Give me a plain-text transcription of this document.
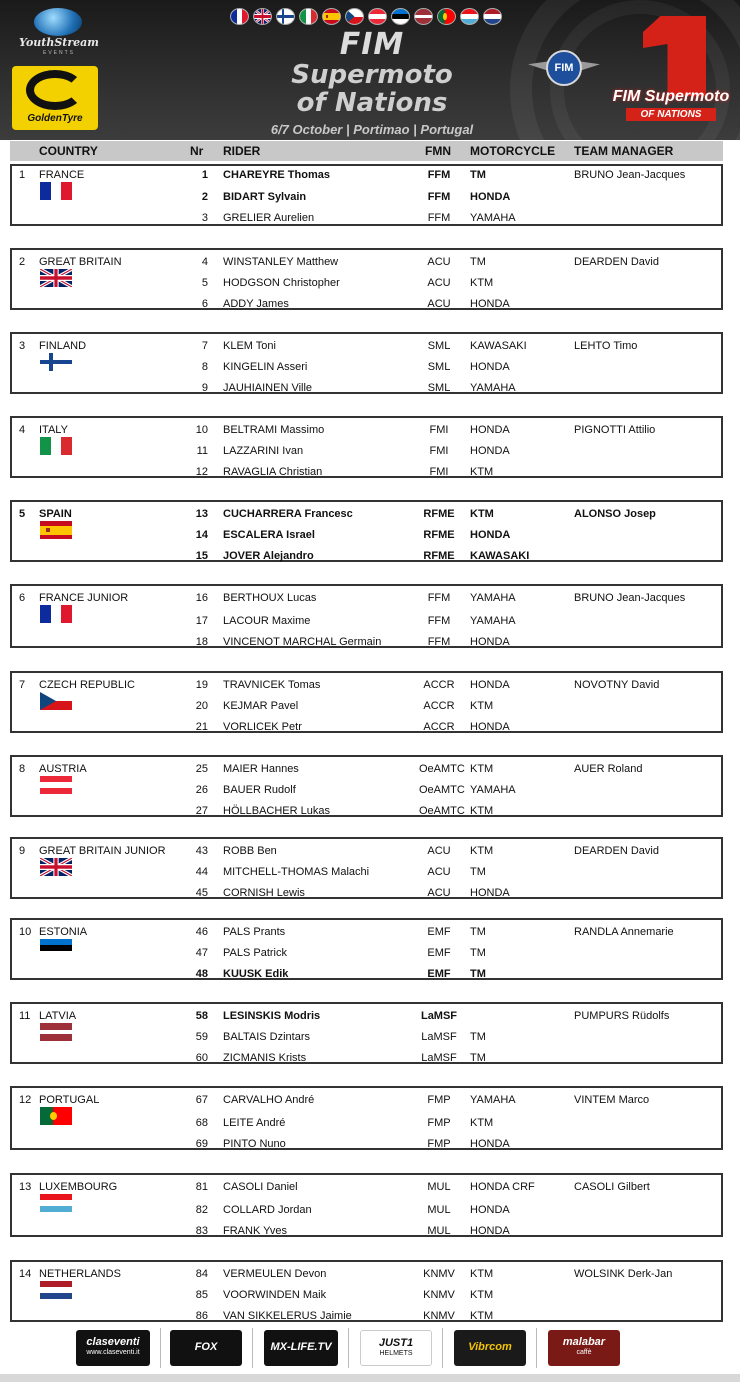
YouthStream
EVENTS
GoldenTyre
FIM
Supermoto
of Nations
6/7 October | Portimao | Portugal
FIM
FIM Supermoto
OF NATIONS
COUNTRY	Nr RIDER	FMN MOTORCYCLE TEAM MANAGER
1 FRANCE	BRUNO Jean-Jacques
1 CHAREYRE Thomas	FFM	TM
2 BIDART Sylvain	FFM	HONDA
3 GRELIER Aurelien	FFM	YAMAHA
2 GREAT BRITAIN	DEARDEN David
4 WINSTANLEY Matthew	ACU	TM
5 HODGSON Christopher	ACU	KTM
6 ADDY James	ACU	HONDA
3 FINLAND	LEHTO Timo
7 KLEM Toni	SML	KAWASAKI
8 KINGELIN Asseri	SML	HONDA
9 JAUHIAINEN Ville	SML	YAMAHA
4 ITALY	PIGNOTTI Attilio
10 BELTRAMI Massimo	FMI	HONDA
11 LAZZARINI Ivan	FMI	HONDA
12 RAVAGLIA Christian	FMI	KTM
5 SPAIN	ALONSO Josep
13 CUCHARRERA Francesc	RFME	KTM
14 ESCALERA Israel	RFME	HONDA
15 JOVER Alejandro	RFME	KAWASAKI
6 FRANCE JUNIOR	BRUNO Jean-Jacques
16 BERTHOUX Lucas	FFM	YAMAHA
17 LACOUR Maxime	FFM	YAMAHA
18 VINCENOT MARCHAL Germain	FFM	HONDA
7 CZECH REPUBLIC	NOVOTNY David
19 TRAVNICEK Tomas	ACCR	HONDA
20 KEJMAR Pavel	ACCR	KTM
21 VORLICEK Petr	ACCR	HONDA
8 AUSTRIA	AUER Roland
25 MAIER Hannes	OeAMTC KTM
26 BAUER Rudolf	OeAMTC YAMAHA
27 HÖLLBACHER Lukas	OeAMTC KTM
9 GREAT BRITAIN JUNIOR	DEARDEN David
43 ROBB Ben	ACU	KTM
44 MITCHELL-THOMAS Malachi	ACU	TM
45 CORNISH Lewis	ACU	HONDA
10 ESTONIA	RANDLA Annemarie
46 PALS Prants	EMF	TM
47 PALS Patrick	EMF	TM
48 KUUSK Edik	EMF	TM
11 LATVIA	PUMPURS Rüdolfs
58 LESINSKIS Modris	LaMSF
59 BALTAIS Dzintars	LaMSF TM
60 ZICMANIS Krists	LaMSF TM
12 PORTUGAL	VINTEM Marco
67 CARVALHO André	FMP	YAMAHA
68 LEITE André	FMP	KTM
69 PINTO Nuno	FMP	HONDA
13 LUXEMBOURG	CASOLI Gilbert
81 CASOLI Daniel	MUL	HONDA CRF
82 COLLARD Jordan	MUL	HONDA
83 FRANK Yves	MUL	HONDA
14 NETHERLANDS	WOLSINK Derk-Jan
84 VERMEULEN Devon	KNMV	KTM
85 VOORWINDEN Maik	KNMV	KTM
86 VAN SIKKELERUS Jaimie	KNMV	KTM
claseventi
www.claseventi.it	FOX	MX-LIFE.TV	JUST1
HELMETS
Vibrcom	malabar
caffè
